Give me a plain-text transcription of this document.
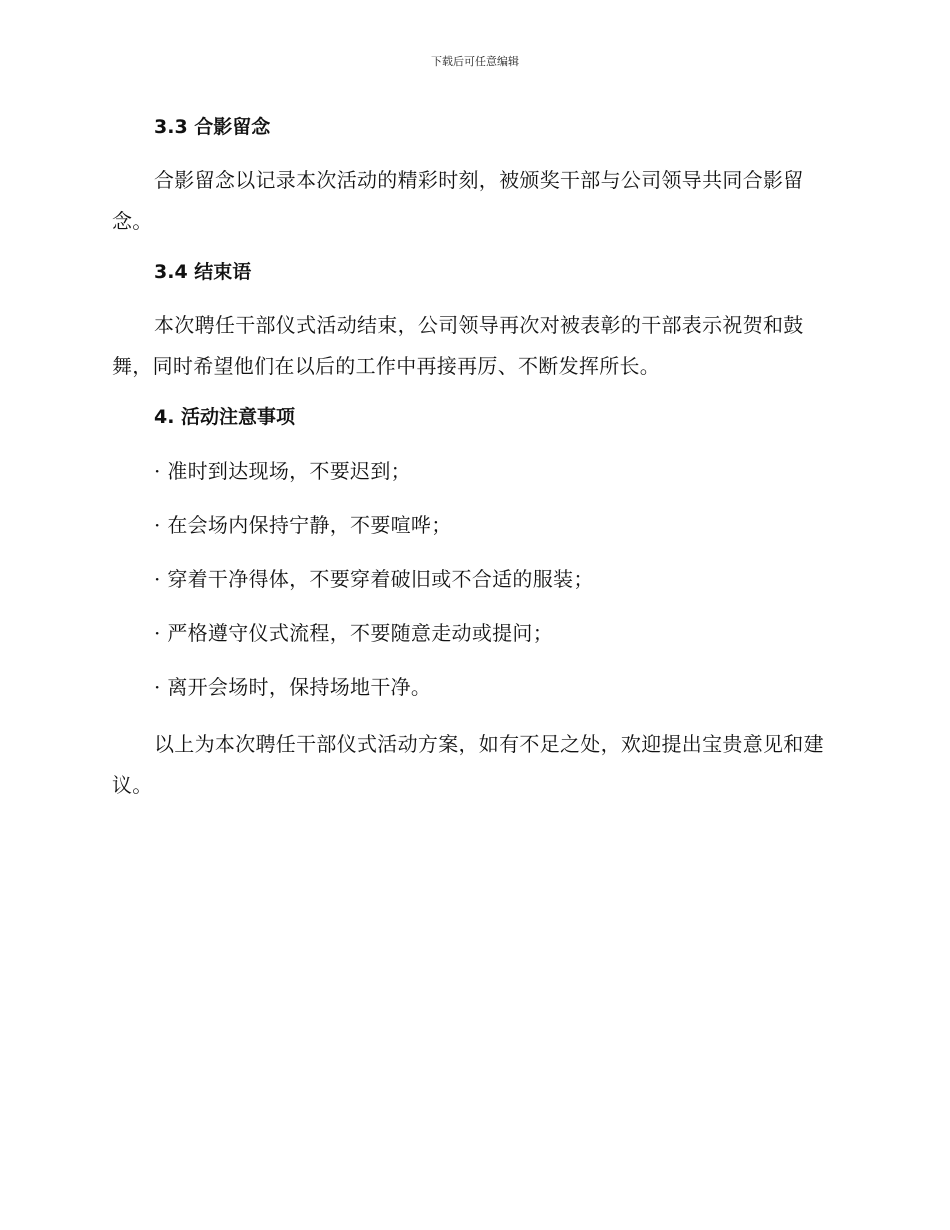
下载后可任意编辑
3.3 合影留念

合影留念以记录本次活动的精彩时刻，被颁奖干部与公司领导共同合影留念。

3.4 结束语

本次聘任干部仪式活动结束，公司领导再次对被表彰的干部表示祝贺和鼓舞，同时希望他们在以后的工作中再接再厉、不断发挥所长。

4. 活动注意事项

· 准时到达现场，不要迟到；

· 在会场内保持宁静，不要喧哗；

· 穿着干净得体，不要穿着破旧或不合适的服装；

· 严格遵守仪式流程，不要随意走动或提问；

· 离开会场时，保持场地干净。

以上为本次聘任干部仪式活动方案，如有不足之处，欢迎提出宝贵意见和建议。
